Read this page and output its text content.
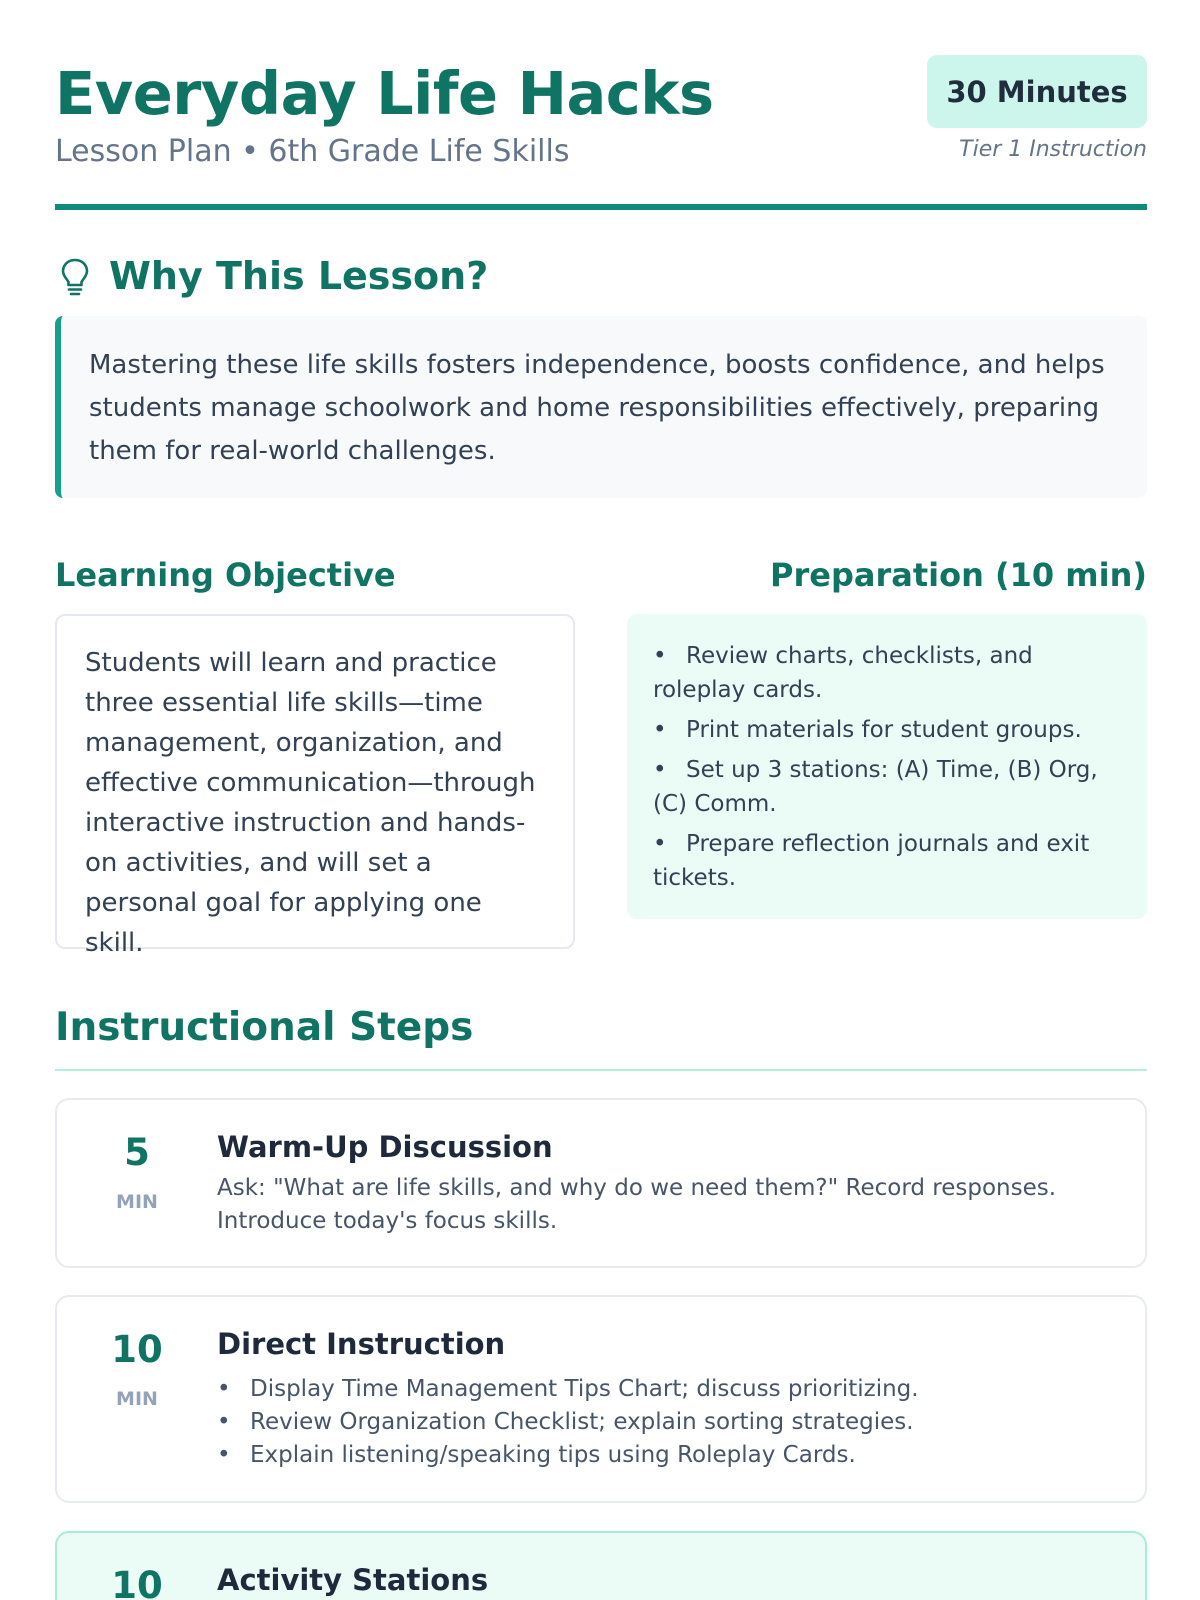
Everyday Life Hacks
Lesson Plan • 6th Grade Life Skills
30 Minutes
Tier 1 Instruction
Why This Lesson?
Mastering these life skills fosters independence, boosts confidence, and helps students manage schoolwork and home responsibilities effectively, preparing them for real-world challenges.
Learning Objective	Preparation (10 min)
Students will learn and practice three essential life skills—time management, organization, and effective communication—through interactive instruction and hands-on activities, and will set a personal goal for applying one skill.
• Review charts, checklists, and roleplay cards.
• Print materials for student groups.
• Set up 3 stations: (A) Time, (B) Org, (C) Comm.
• Prepare reflection journals and exit tickets.
Instructional Steps
5
MIN
Warm-Up Discussion
Ask: "What are life skills, and why do we need them?" Record responses. Introduce today's focus skills.
10
MIN
Direct Instruction
• Display Time Management Tips Chart; discuss prioritizing.
• Review Organization Checklist; explain sorting strategies.
• Explain listening/speaking tips using Roleplay Cards.
10	Activity Stations
